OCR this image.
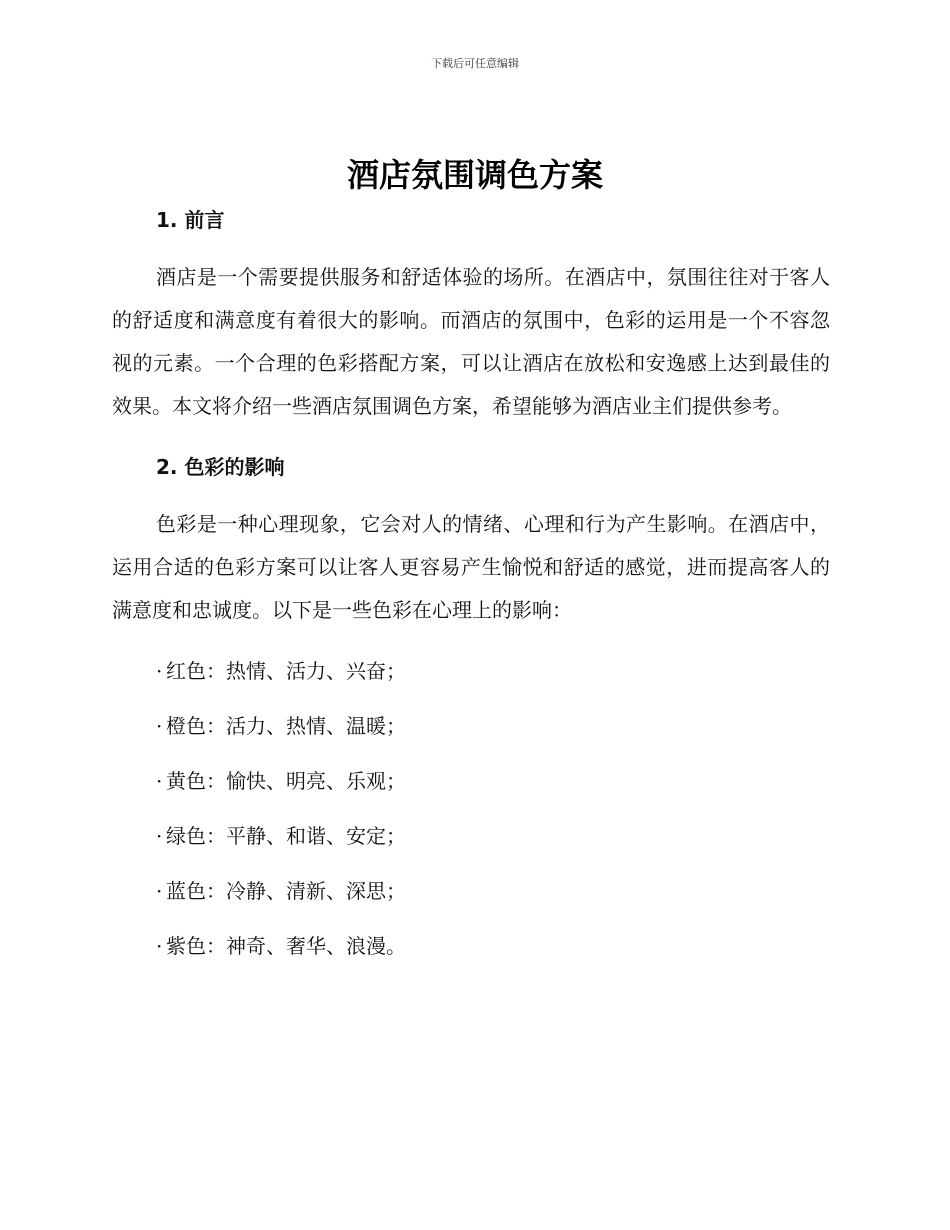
下载后可任意编辑
酒店氛围调色方案
1. 前言

酒店是一个需要提供服务和舒适体验的场所。在酒店中，氛围往往对于客人的舒适度和满意度有着很大的影响。而酒店的氛围中，色彩的运用是一个不容忽视的元素。一个合理的色彩搭配方案，可以让酒店在放松和安逸感上达到最佳的效果。本文将介绍一些酒店氛围调色方案，希望能够为酒店业主们提供参考。

2. 色彩的影响

色彩是一种心理现象，它会对人的情绪、心理和行为产生影响。在酒店中，运用合适的色彩方案可以让客人更容易产生愉悦和舒适的感觉，进而提高客人的满意度和忠诚度。以下是一些色彩在心理上的影响：

· 红色：热情、活力、兴奋；
· 橙色：活力、热情、温暖；
· 黄色：愉快、明亮、乐观；
· 绿色：平静、和谐、安定；
· 蓝色：冷静、清新、深思；
· 紫色：神奇、奢华、浪漫。
